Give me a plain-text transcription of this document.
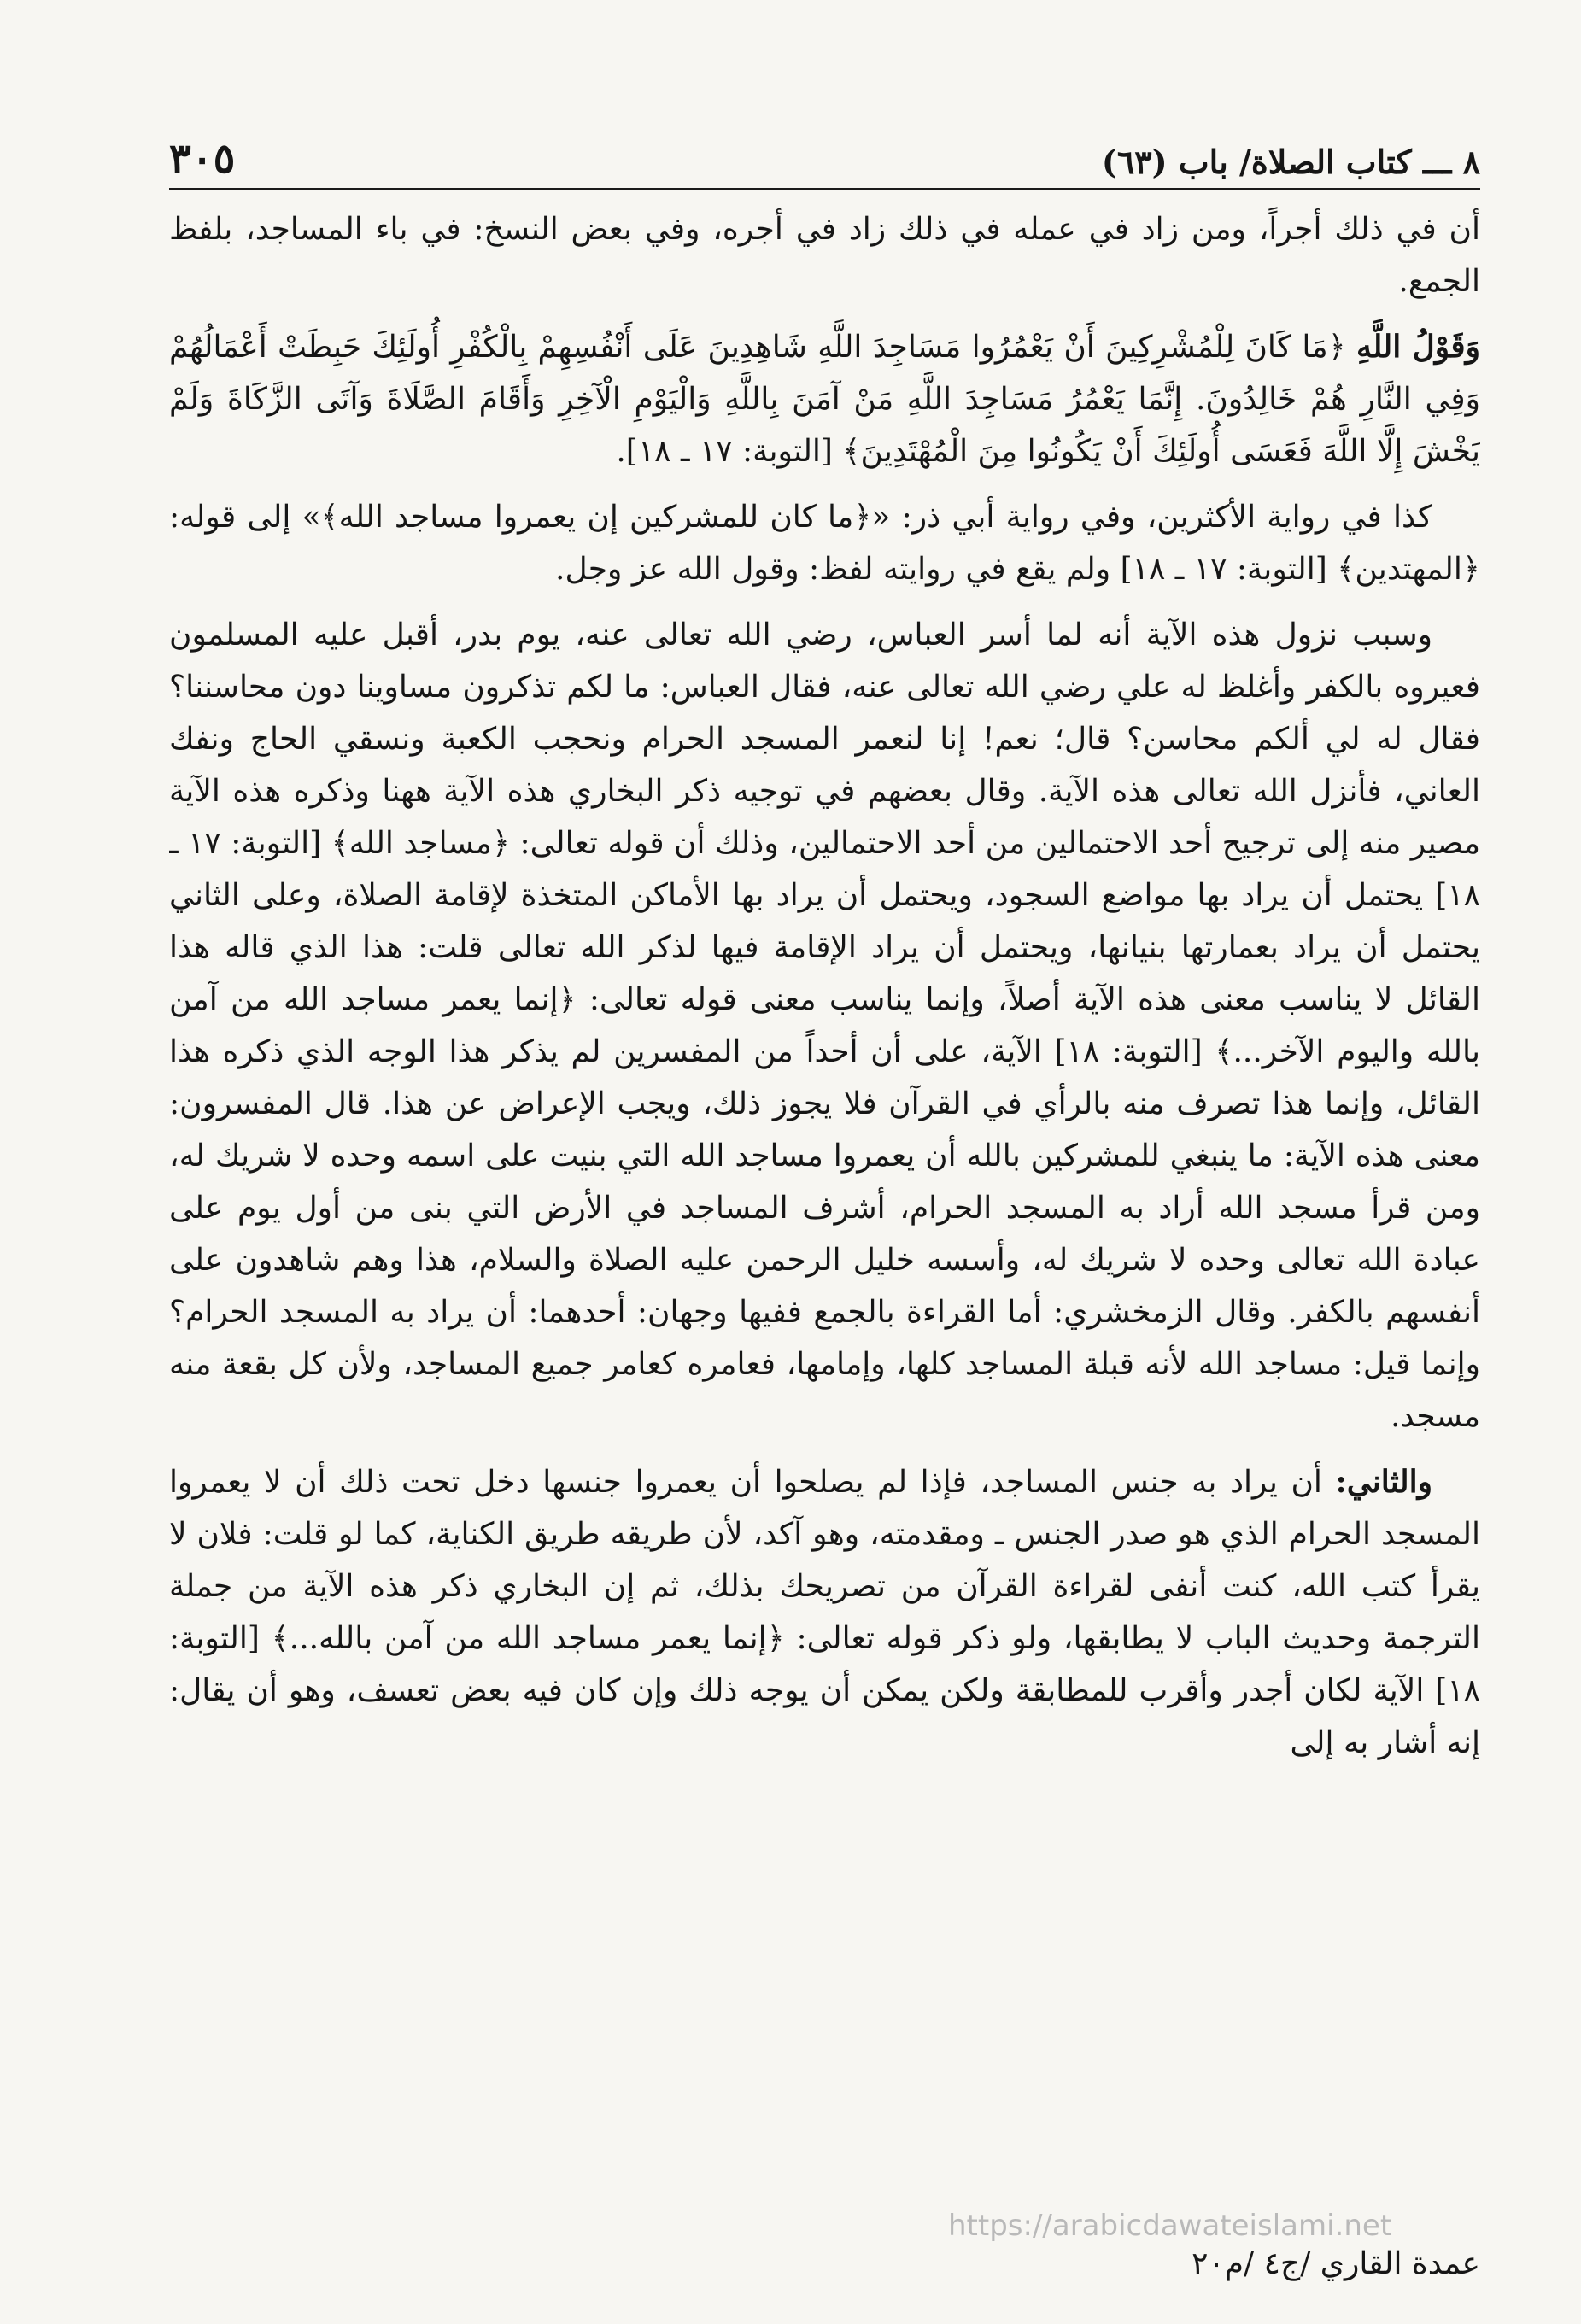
٨ ـــ كتاب الصلاة/ باب (٦٣)
٣٠٥

أن في ذلك أجراً، ومن زاد في عمله في ذلك زاد في أجره، وفي بعض النسخ: في باء المساجد، بلفظ الجمع.

وَقَوْلُ اللَّهِ ﴿مَا كَانَ لِلْمُشْرِكِينَ أَنْ يَعْمُرُوا مَسَاجِدَ اللَّهِ شَاهِدِينَ عَلَى أَنْفُسِهِمْ بِالْكُفْرِ أُولَئِكَ حَبِطَتْ أَعْمَالُهُمْ وَفِي النَّارِ هُمْ خَالِدُونَ. إِنَّمَا يَعْمُرُ مَسَاجِدَ اللَّهِ مَنْ آمَنَ بِاللَّهِ وَالْيَوْمِ الْآخِرِ وَأَقَامَ الصَّلَاةَ وَآتَى الزَّكَاةَ وَلَمْ يَخْشَ إِلَّا اللَّهَ فَعَسَى أُولَئِكَ أَنْ يَكُونُوا مِنَ الْمُهْتَدِينَ﴾ [التوبة: ١٧ ـ ١٨].

كذا في رواية الأكثرين، وفي رواية أبي ذر: «﴿ما كان للمشركين إن يعمروا مساجد الله﴾» إلى قوله: ﴿المهتدين﴾ [التوبة: ١٧ ـ ١٨] ولم يقع في روايته لفظ: وقول الله عز وجل.

وسبب نزول هذه الآية أنه لما أسر العباس، رضي الله تعالى عنه، يوم بدر، أقبل عليه المسلمون فعيروه بالكفر وأغلظ له علي رضي الله تعالى عنه، فقال العباس: ما لكم تذكرون مساوينا دون محاسننا؟ فقال له لي ألكم محاسن؟ قال؛ نعم! إنا لنعمر المسجد الحرام ونحجب الكعبة ونسقي الحاج ونفك العاني، فأنزل الله تعالى هذه الآية. وقال بعضهم في توجيه ذكر البخاري هذه الآية ههنا وذكره هذه الآية مصير منه إلى ترجيح أحد الاحتمالين من أحد الاحتمالين، وذلك أن قوله تعالى: ﴿مساجد الله﴾ [التوبة: ١٧ ـ ١٨] يحتمل أن يراد بها مواضع السجود، ويحتمل أن يراد بها الأماكن المتخذة لإقامة الصلاة، وعلى الثاني يحتمل أن يراد بعمارتها بنيانها، ويحتمل أن يراد الإقامة فيها لذكر الله تعالى قلت: هذا الذي قاله هذا القائل لا يناسب معنى هذه الآية أصلاً، وإنما يناسب معنى قوله تعالى: ﴿إنما يعمر مساجد الله من آمن بالله واليوم الآخر...﴾ [التوبة: ١٨] الآية، على أن أحداً من المفسرين لم يذكر هذا الوجه الذي ذكره هذا القائل، وإنما هذا تصرف منه بالرأي في القرآن فلا يجوز ذلك، ويجب الإعراض عن هذا. قال المفسرون: معنى هذه الآية: ما ينبغي للمشركين بالله أن يعمروا مساجد الله التي بنيت على اسمه وحده لا شريك له، ومن قرأ مسجد الله أراد به المسجد الحرام، أشرف المساجد في الأرض التي بنى من أول يوم على عبادة الله تعالى وحده لا شريك له، وأسسه خليل الرحمن عليه الصلاة والسلام، هذا وهم شاهدون على أنفسهم بالكفر. وقال الزمخشري: أما القراءة بالجمع ففيها وجهان: أحدهما: أن يراد به المسجد الحرام؟ وإنما قيل: مساجد الله لأنه قبلة المساجد كلها، وإمامها، فعامره كعامر جميع المساجد، ولأن كل بقعة منه مسجد.

والثاني: أن يراد به جنس المساجد، فإذا لم يصلحوا أن يعمروا جنسها دخل تحت ذلك أن لا يعمروا المسجد الحرام الذي هو صدر الجنس ـ ومقدمته، وهو آكد، لأن طريقه طريق الكناية، كما لو قلت: فلان لا يقرأ كتب الله، كنت أنفى لقراءة القرآن من تصريحك بذلك، ثم إن البخاري ذكر هذه الآية من جملة الترجمة وحديث الباب لا يطابقها، ولو ذكر قوله تعالى: ﴿إنما يعمر مساجد الله من آمن بالله...﴾ [التوبة: ١٨] الآية لكان أجدر وأقرب للمطابقة ولكن يمكن أن يوجه ذلك وإن كان فيه بعض تعسف، وهو أن يقال: إنه أشار به إلى

https://arabicdawateislami.net
عمدة القاري /ج٤ /م٢٠
